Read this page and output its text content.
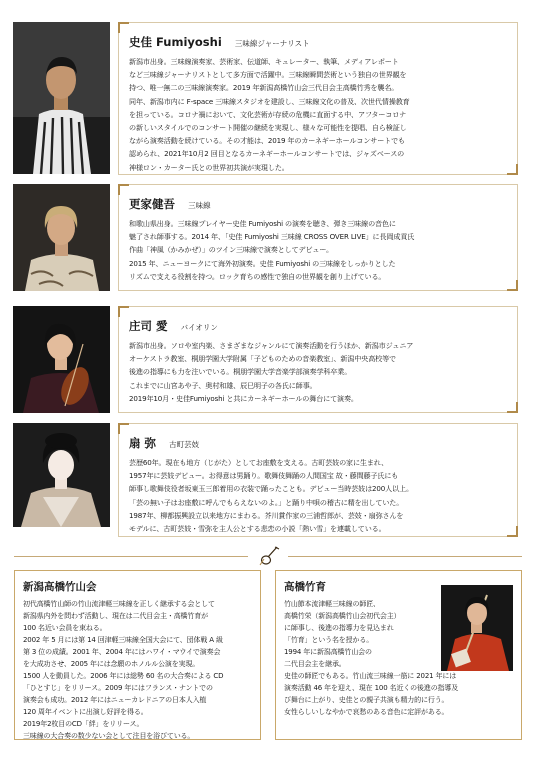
史佳 Fumiyoshi 三味線ジャーナリスト
新潟市出身。三味線演奏家、芸術家、伝道師、キュレーター、執筆、メディアレポート
など三味線ジャーナリストとして多方面で活躍中。三味線瞬間芸術という独自の世界観を
持つ、唯一無二の三味線演奏家。2019 年新潟高橋竹山会三代目会主高橋竹秀を襲名。
同年、新潟市内に F-space 三味線スタジオを建設し、三味線文化の普及、次世代情操教育
を担っている。コロナ禍において、文化芸術が存続の危機に直面する中、アフターコロナ
の新しいスタイルでのコンサート開催の継続を実現し、様々な可能性を提唱、自ら検証し
ながら演奏活動を続けている。その才能は、2019 年のカーネギーホールコンサートでも
認められ、2021年10月2 回目となるカーネギーホールコンサートでは、ジャズベースの
神様ロン・カーター氏との世界初共演が実現した。
更家健吾 三味線
和歌山県出身。三味線プレイヤー史佳 Fumiyoshi の演奏を聴き、弾き三味線の音色に
魅了され師事する。2014 年、「史佳 Fumiyoshi 三味線 CROSS OVER LIVE」に長岡成貢氏
作曲「神風（かみかぜ）」のツイン三味線で演奏としてデビュー。
2015 年、ニューヨークにて海外初演奏。史佳 Fumiyoshi の三味線をしっかりとした
リズムで支える役割を持つ。ロック育ちの感性で独自の世界観を創り上げている。
庄司 愛 バイオリン
新潟市出身。ソロや室内楽、さまざまなジャンルにて演奏活動を行うほか、新潟市ジュニア
オーケストラ教室、桐朋学園大学附属「子どものための音楽教室」、新潟中央高校等で
後進の指導にも力を注いでいる。桐朋学園大学音楽学部演奏学科卒業。
これまでに山宮あや子、奥村和雄、辰巳明子の各氏に師事。
2019年10月・史佳Fumiyoshi と共にカーネギーホールの舞台にて演奏。
扇 弥 古町芸妓
芸歴60年。現在も地方（じがた）としてお座敷を支える。古町芸妓の家に生まれ、
1957年に芸妓デビュー。お得意は男踊り。歌舞伎舞踊の人間国宝 故・藤間藤子氏にも
師事し歌舞伎役者坂東玉三郎着用の衣装で踊ったことも。デビュー当時芸妓は200人以上。
「芸の無い子はお座敷に呼んでもらえないのよ。」と踊り中唄の稽古に精を出していた。
1987年、柳都振興設立以来地方にまわる。芥川賞作家の三浦哲郎が、芸妓・扇弥さんを
モデルに、古町芸妓・雪弥を主人公とする悲恋の小説「熱い雪」を連載している。
新潟高橋竹山会
初代高橋竹山師の竹山流津軽三味線を正しく継承する会として
新潟県内外を問わず活動し、現在は二代目会主・高橋竹育が
100 名近い会員を束ねる。
2002 年 5 月には第 14 回津軽三味線全国大会にて、団体戦 A 級
第 3 位の成績。2001 年、2004 年にはハワイ・マウイで演奏会
を大成功させ、2005 年には念願のホノルル公演を実現。
1500 人を動員した。2006 年には総勢 60 名の大合奏による CD
「ひとすじ」をリリース。2009 年にはフランス・ナントでの
演奏会も成功。2012 年にはニューカレドニアの日本人入植
120 周年イベントに出演し好評を得る。
2019年2枚目のCD「絆」をリリース。
三味線の大合奏の数少ない会として注目を浴びている。
高橋竹育
竹山節本流津軽三味線の師匠、
高橋竹栄（新潟高橋竹山会初代会主）
に師事し、後進の指導力を見込まれ
「竹育」という名を授かる。
1994 年に新潟高橋竹山会の
二代目会主を継承。
史佳の師匠でもある。竹山流三味線一筋に 2021 年には
演奏活動 46 年を迎え、現在 100 名近くの後進の指導及
び舞台に上がり、史佳との親子共演も精力的に行う。
女性らしいしなやかで哀愁のある音色に定評がある。
